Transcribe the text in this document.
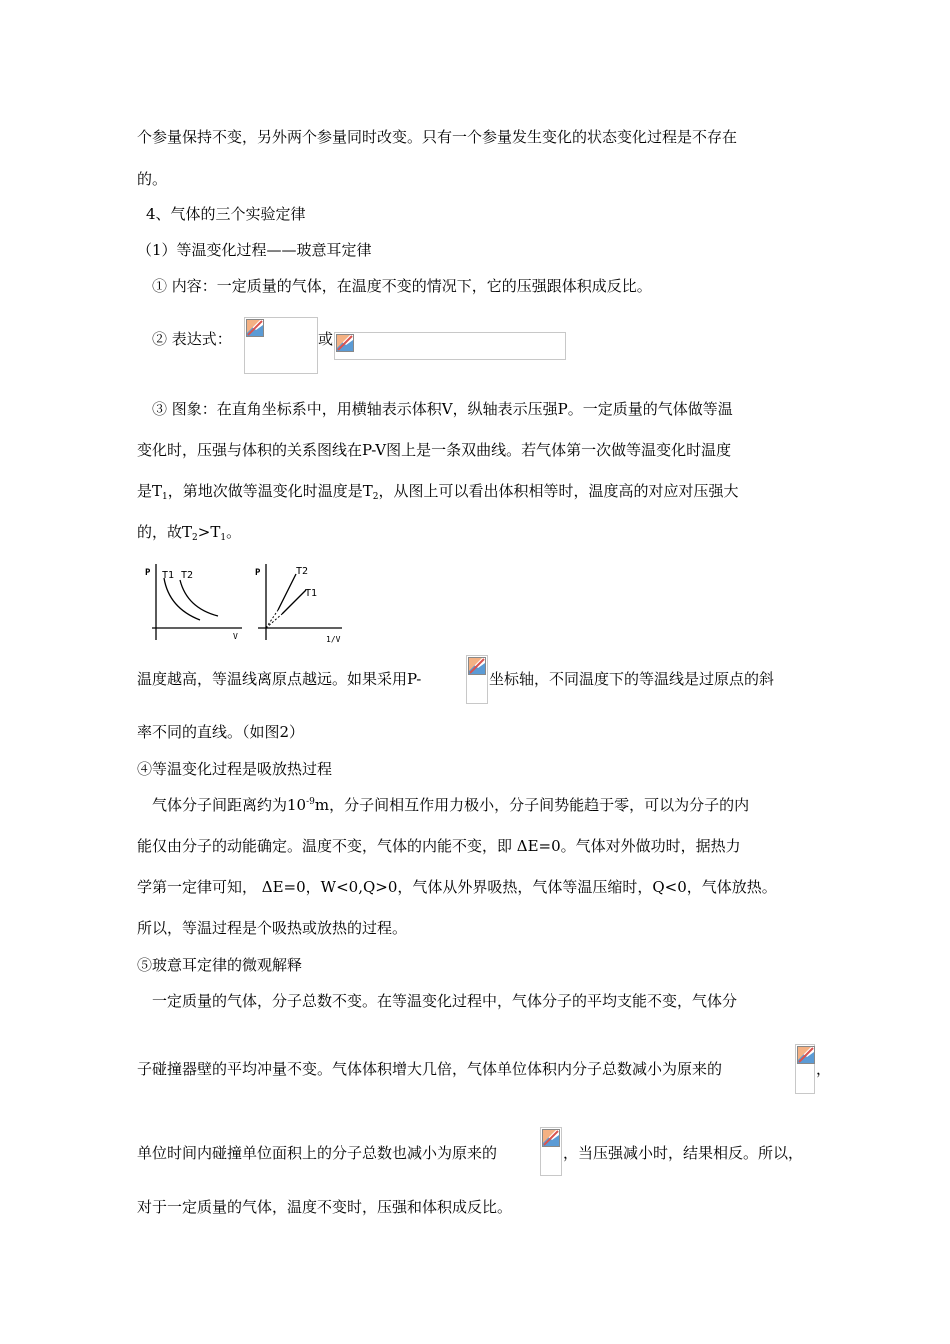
个参量保持不变，另外两个参量同时改变。只有一个参量发生变化的状态变化过程是不存在
的。
4、气体的三个实验定律
（1）等温变化过程——玻意耳定律
① 内容：一定质量的气体，在温度不变的情况下，它的压强跟体积成反比。
② 表达式：	或
③ 图象：在直角坐标系中，用横轴表示体积V，纵轴表示压强P。一定质量的气体做等温
变化时，压强与体积的关系图线在P-V图上是一条双曲线。若气体第一次做等温变化时温度
是$T_1$，第地次做等温变化时温度是$T_2$，从图上可以看出体积相等时，温度高的对应对压强大
的，故$T_2>T_1$。
P T1 T2
V
P	T2
T1
1/V
温度越高，等温线离原点越远。如果采用P-	坐标轴，不同温度下的等温线是过原点的斜
率不同的直线。（如图2）
④等温变化过程是吸放热过程
气体分子间距离约为$10^{-9}m$，分子间相互作用力极小，分子间势能趋于零，可以为分子的内
能仅由分子的动能确定。温度不变，气体的内能不变，即 ΔE=0。气体对外做功时，据热力
学第一定律可知， ΔE=0，W<0,Q>0，气体从外界吸热，气体等温压缩时，Q<0，气体放热。
所以，等温过程是个吸热或放热的过程。
⑤玻意耳定律的微观解释
一定质量的气体，分子总数不变。在等温变化过程中，气体分子的平均支能不变，气体分
子碰撞器壁的平均冲量不变。气体体积增大几倍，气体单位体积内分子总数减小为原来的	，
单位时间内碰撞单位面积上的分子总数也减小为原来的	，当压强减小时，结果相反。所以，
对于一定质量的气体，温度不变时，压强和体积成反比。
